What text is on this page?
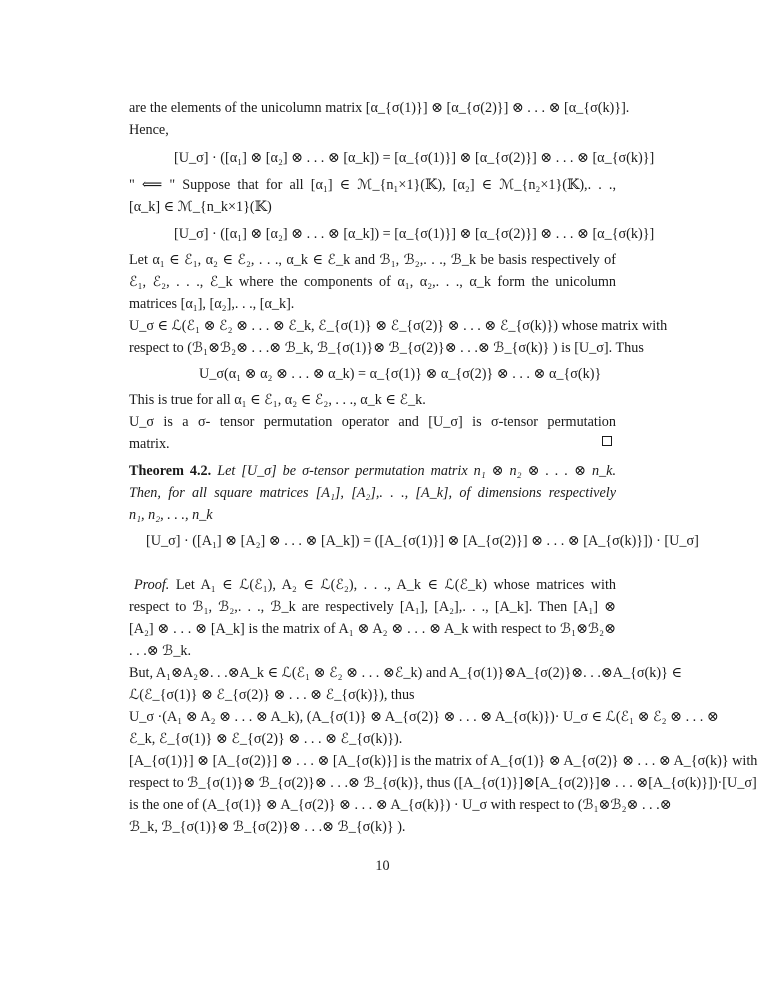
are the elements of the unicolumn matrix [α_{σ(1)}] ⊗ [α_{σ(2)}] ⊗ . . . ⊗ [α_{σ(k)}].
Hence,
[U_σ] · ([α₁] ⊗ [α₂] ⊗ . . . ⊗ [α_k]) = [α_{σ(1)}] ⊗ [α_{σ(2)}] ⊗ . . . ⊗ [α_{σ(k)}]
" ⟸ " Suppose that for all [α₁] ∈ ℳ_{n₁×1}(𝕂), [α₂] ∈ ℳ_{n₂×1}(𝕂),. . .,
[α_k] ∈ ℳ_{n_k×1}(𝕂)
[U_σ] · ([α₁] ⊗ [α₂] ⊗ . . . ⊗ [α_k]) = [α_{σ(1)}] ⊗ [α_{σ(2)}] ⊗ . . . ⊗ [α_{σ(k)}]
Let α₁ ∈ ℰ₁, α₂ ∈ ℰ₂, . . ., α_k ∈ ℰ_k and ℬ₁, ℬ₂,. . ., ℬ_k be basis respectively of
ℰ₁, ℰ₂, . . ., ℰ_k where the components of α₁, α₂,. . ., α_k form the unicolumn
matrices [α₁], [α₂],. . ., [α_k].
U_σ ∈ ℒ(ℰ₁ ⊗ ℰ₂ ⊗ . . . ⊗ ℰ_k, ℰ_{σ(1)} ⊗ ℰ_{σ(2)} ⊗ . . . ⊗ ℰ_{σ(k)}) whose matrix with
respect to (ℬ₁⊗ℬ₂⊗ . . .⊗ ℬ_k, ℬ_{σ(1)}⊗ ℬ_{σ(2)}⊗ . . .⊗ ℬ_{σ(k)} ) is [U_σ]. Thus
U_σ(α₁ ⊗ α₂ ⊗ . . . ⊗ α_k) = α_{σ(1)} ⊗ α_{σ(2)} ⊗ . . . ⊗ α_{σ(k)}
This is true for all α₁ ∈ ℰ₁, α₂ ∈ ℰ₂, . . ., α_k ∈ ℰ_k.
U_σ is a σ- tensor permutation operator and [U_σ] is σ-tensor permutation
matrix.
Theorem 4.2. Let [U_σ] be σ-tensor permutation matrix n₁ ⊗ n₂ ⊗ . . . ⊗ n_k.
Then, for all square matrices [A₁], [A₂],. . ., [A_k], of dimensions respectively
n₁, n₂, . . ., n_k
[U_σ] · ([A₁] ⊗ [A₂] ⊗ . . . ⊗ [A_k]) = ([A_{σ(1)}] ⊗ [A_{σ(2)}] ⊗ . . . ⊗ [A_{σ(k)}]) · [U_σ]
Proof. Let A₁ ∈ ℒ(ℰ₁), A₂ ∈ ℒ(ℰ₂), . . ., A_k ∈ ℒ(ℰ_k) whose matrices with
respect to ℬ₁, ℬ₂,. . ., ℬ_k are respectively [A₁], [A₂],. . ., [A_k]. Then [A₁] ⊗
[A₂] ⊗ . . . ⊗ [A_k] is the matrix of A₁ ⊗ A₂ ⊗ . . . ⊗ A_k with respect to ℬ₁⊗ℬ₂⊗
. . .⊗ ℬ_k.
But, A₁⊗A₂⊗. . .⊗A_k ∈ ℒ(ℰ₁ ⊗ ℰ₂ ⊗ . . . ⊗ℰ_k) and A_{σ(1)}⊗A_{σ(2)}⊗. . .⊗A_{σ(k)} ∈
ℒ(ℰ_{σ(1)} ⊗ ℰ_{σ(2)} ⊗ . . . ⊗ ℰ_{σ(k)}), thus
U_σ ·(A₁ ⊗ A₂ ⊗ . . . ⊗ A_k), (A_{σ(1)} ⊗ A_{σ(2)} ⊗ . . . ⊗ A_{σ(k)})· U_σ ∈ ℒ(ℰ₁ ⊗ ℰ₂ ⊗ . . . ⊗
ℰ_k, ℰ_{σ(1)} ⊗ ℰ_{σ(2)} ⊗ . . . ⊗ ℰ_{σ(k)}).
[A_{σ(1)}] ⊗ [A_{σ(2)}] ⊗ . . . ⊗ [A_{σ(k)}] is the matrix of A_{σ(1)} ⊗ A_{σ(2)} ⊗ . . . ⊗ A_{σ(k)} with
respect to ℬ_{σ(1)}⊗ ℬ_{σ(2)}⊗ . . .⊗ ℬ_{σ(k)}, thus ([A_{σ(1)}]⊗[A_{σ(2)}]⊗ . . . ⊗[A_{σ(k)}])·[U_σ]
is the one of (A_{σ(1)} ⊗ A_{σ(2)} ⊗ . . . ⊗ A_{σ(k)}) · U_σ with respect to (ℬ₁⊗ℬ₂⊗ . . .⊗
ℬ_k, ℬ_{σ(1)}⊗ ℬ_{σ(2)}⊗ . . .⊗ ℬ_{σ(k)} ).
10
